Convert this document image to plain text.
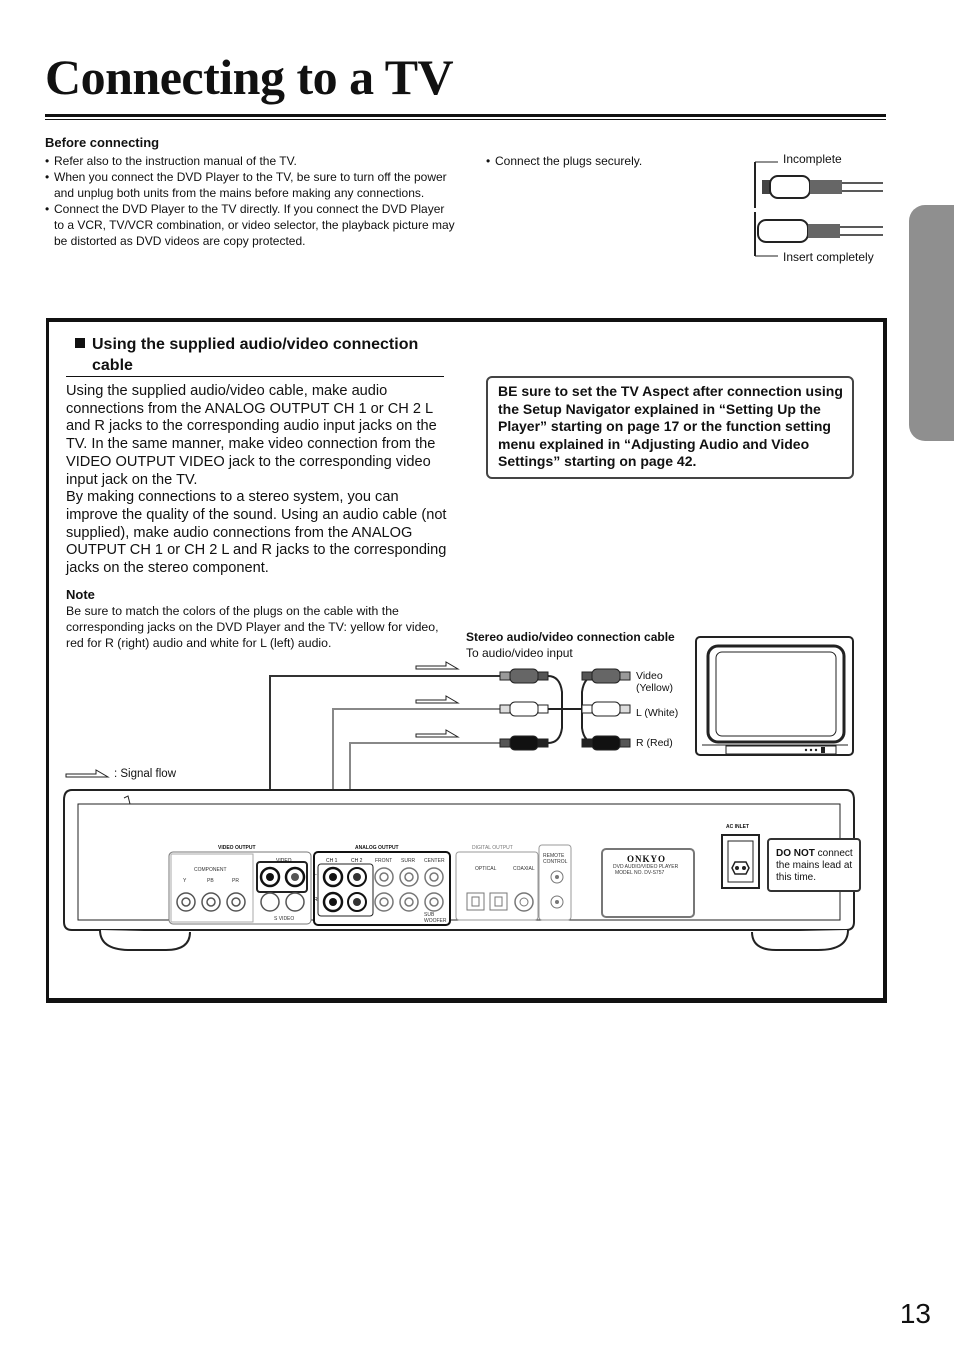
Connecting to a TV
Before connecting
• Refer also to the instruction manual of the TV.
• When you connect the DVD Player to the TV, be sure to turn off the power and unplug both units from the mains before making any connections.
• Connect the DVD Player to the TV directly. If you connect the DVD Player to a VCR, TV/VCR combination, or video selector, the playback picture may be distorted as DVD videos are copy protected.
• Connect the plugs securely.	Incomplete
Insert completely
Using the supplied audio/video connection cable
Using the supplied audio/video cable, make audio connections from the ANALOG OUTPUT CH 1 or CH 2 L and R jacks to the corresponding audio input jacks on the TV. In the same manner, make video connection from the VIDEO OUTPUT VIDEO jack to the corresponding video input jack on the TV.
By making connections to a stereo system, you can improve the quality of the sound. Using an audio cable (not supplied), make audio connections from the ANALOG OUTPUT CH 1 or CH 2 L and R jacks to the corresponding jacks on the stereo component.
Note
Be sure to match the colors of the plugs on the cable with the corresponding jacks on the DVD Player and the TV: yellow for video, red for R (right) audio and white for L (left) audio.
BE sure to set the TV Aspect after connection using the Setup Navigator explained in “Setting Up the Player” starting on page 17 or the function setting menu explained in “Adjusting Audio and Video Settings” starting on page 42.
Stereo audio/video connection cable
To audio/video input
Video (Yellow)
L (White)
R (Red)
: Signal flow
VIDEO OUTPUT
COMPONENT
Y	PB	PR
VIDEO
S VIDEO
ANALOG OUTPUT
CH 1	CH 2	FRONT SURR CENTER
SUB WOOFER
L
R
DIGITAL OUTPUT
OPTICAL	COAXIAL
REMOTE CONTROL	ONKYO
DVD AUDIO/VIDEO PLAYER
MODEL NO. DV-S757
AC INLET
DO NOT connect the mains lead at this time.
13
